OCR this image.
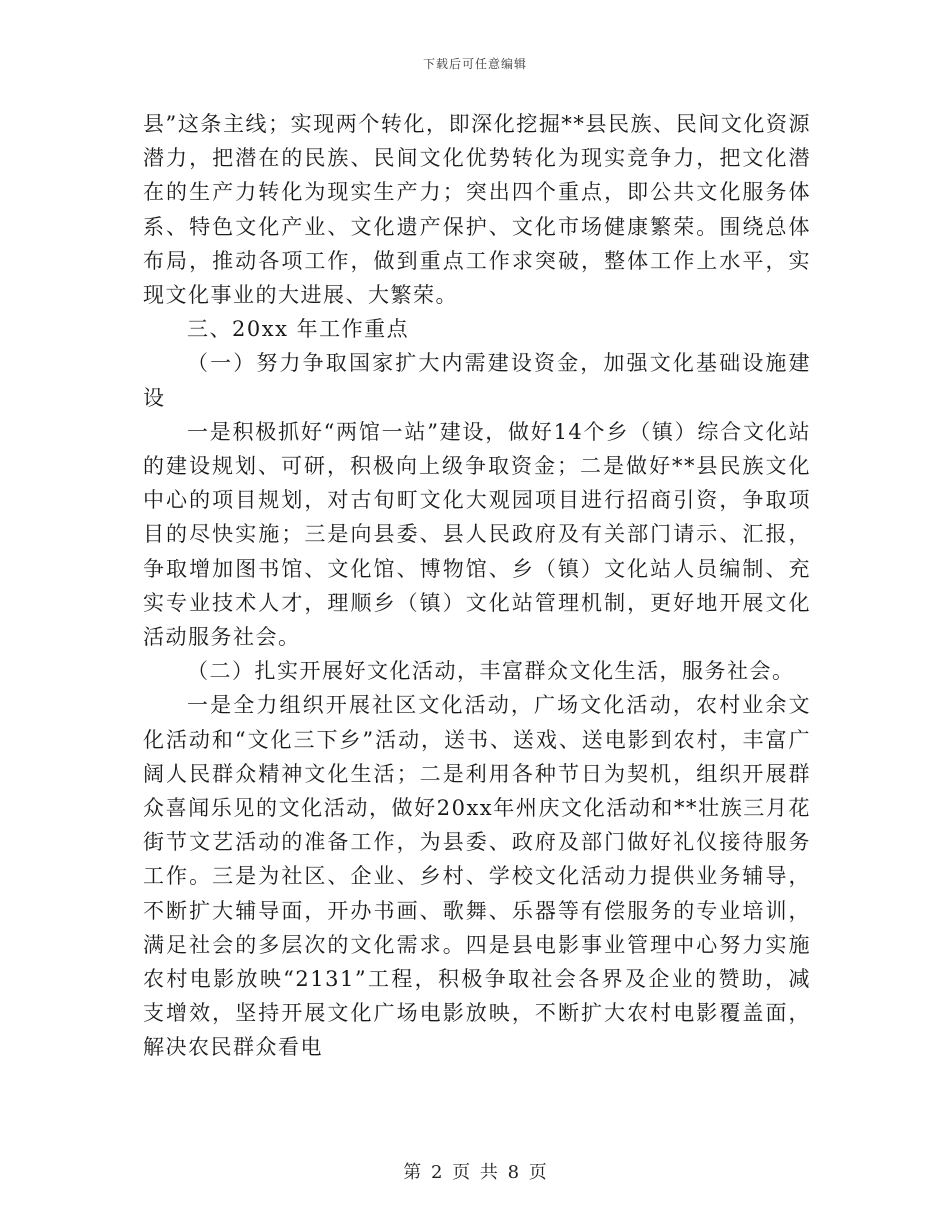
下载后可任意编辑

县”这条主线；实现两个转化，即深化挖掘**县民族、民间文化资源潜力，把潜在的民族、民间文化优势转化为现实竞争力，把文化潜在的生产力转化为现实生产力；突出四个重点，即公共文化服务体系、特色文化产业、文化遗产保护、文化市场健康繁荣。围绕总体布局，推动各项工作，做到重点工作求突破，整体工作上水平，实现文化事业的大进展、大繁荣。

三、20xx 年工作重点

（一）努力争取国家扩大内需建设资金，加强文化基础设施建设

一是积极抓好“两馆一站”建设，做好14个乡（镇）综合文化站的建设规划、可研，积极向上级争取资金；二是做好**县民族文化中心的项目规划，对古旬町文化大观园项目进行招商引资，争取项目的尽快实施；三是向县委、县人民政府及有关部门请示、汇报，争取增加图书馆、文化馆、博物馆、乡（镇）文化站人员编制、充实专业技术人才，理顺乡（镇）文化站管理机制，更好地开展文化活动服务社会。

（二）扎实开展好文化活动，丰富群众文化生活，服务社会。

一是全力组织开展社区文化活动，广场文化活动，农村业余文化活动和“文化三下乡”活动，送书、送戏、送电影到农村，丰富广阔人民群众精神文化生活；二是利用各种节日为契机，组织开展群众喜闻乐见的文化活动，做好20xx年州庆文化活动和**壮族三月花街节文艺活动的准备工作，为县委、政府及部门做好礼仪接待服务工作。三是为社区、企业、乡村、学校文化活动力提供业务辅导，不断扩大辅导面，开办书画、歌舞、乐器等有偿服务的专业培训，满足社会的多层次的文化需求。四是县电影事业管理中心努力实施农村电影放映“2131”工程，积极争取社会各界及企业的赞助，减支增效，坚持开展文化广场电影放映，不断扩大农村电影覆盖面，解决农民群众看电

第 2 页 共 8 页
